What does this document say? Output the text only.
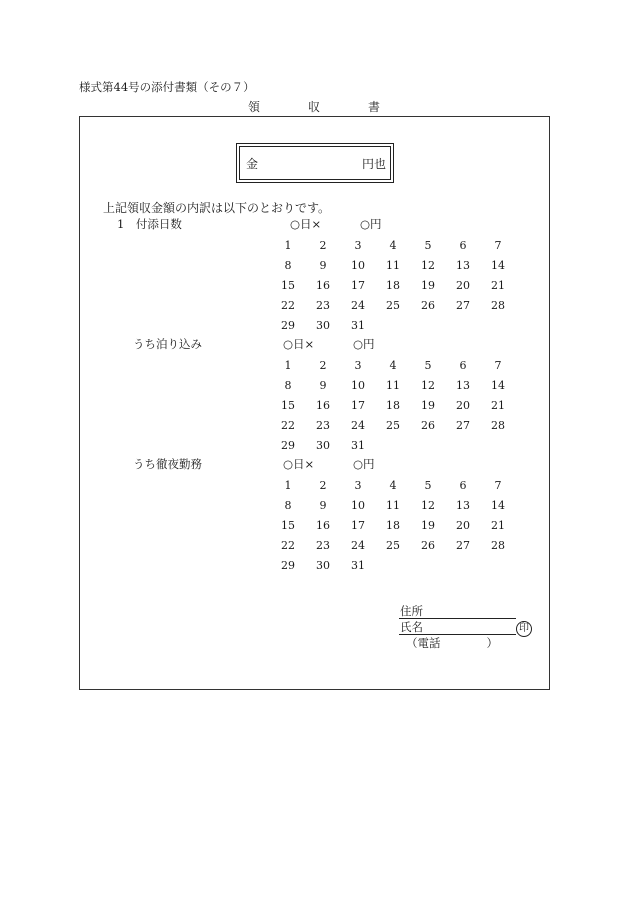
様式第44号の添付書類（その７）
領	収	書
金	円也
上記領収金額の内訳は以下のとおりです。
1　付添日数	○日×	○円
1	2	3	4	5	6	7
8	9	10	11	12	13	14
15	16	17	18	19	20	21
22	23	24	25	26	27	28
29	30	31
うち泊り込み	○日×	○円
1	2	3	4	5	6	7
8	9	10	11	12	13	14
15	16	17	18	19	20	21
22	23	24	25	26	27	28
29	30	31
うち徹夜勤務	○日×	○円
1	2	3	4	5	6	7
8	9	10	11	12	13	14
15	16	17	18	19	20	21
22	23	24	25	26	27	28
29	30	31
住所
氏名	印
（電話　　　　）
